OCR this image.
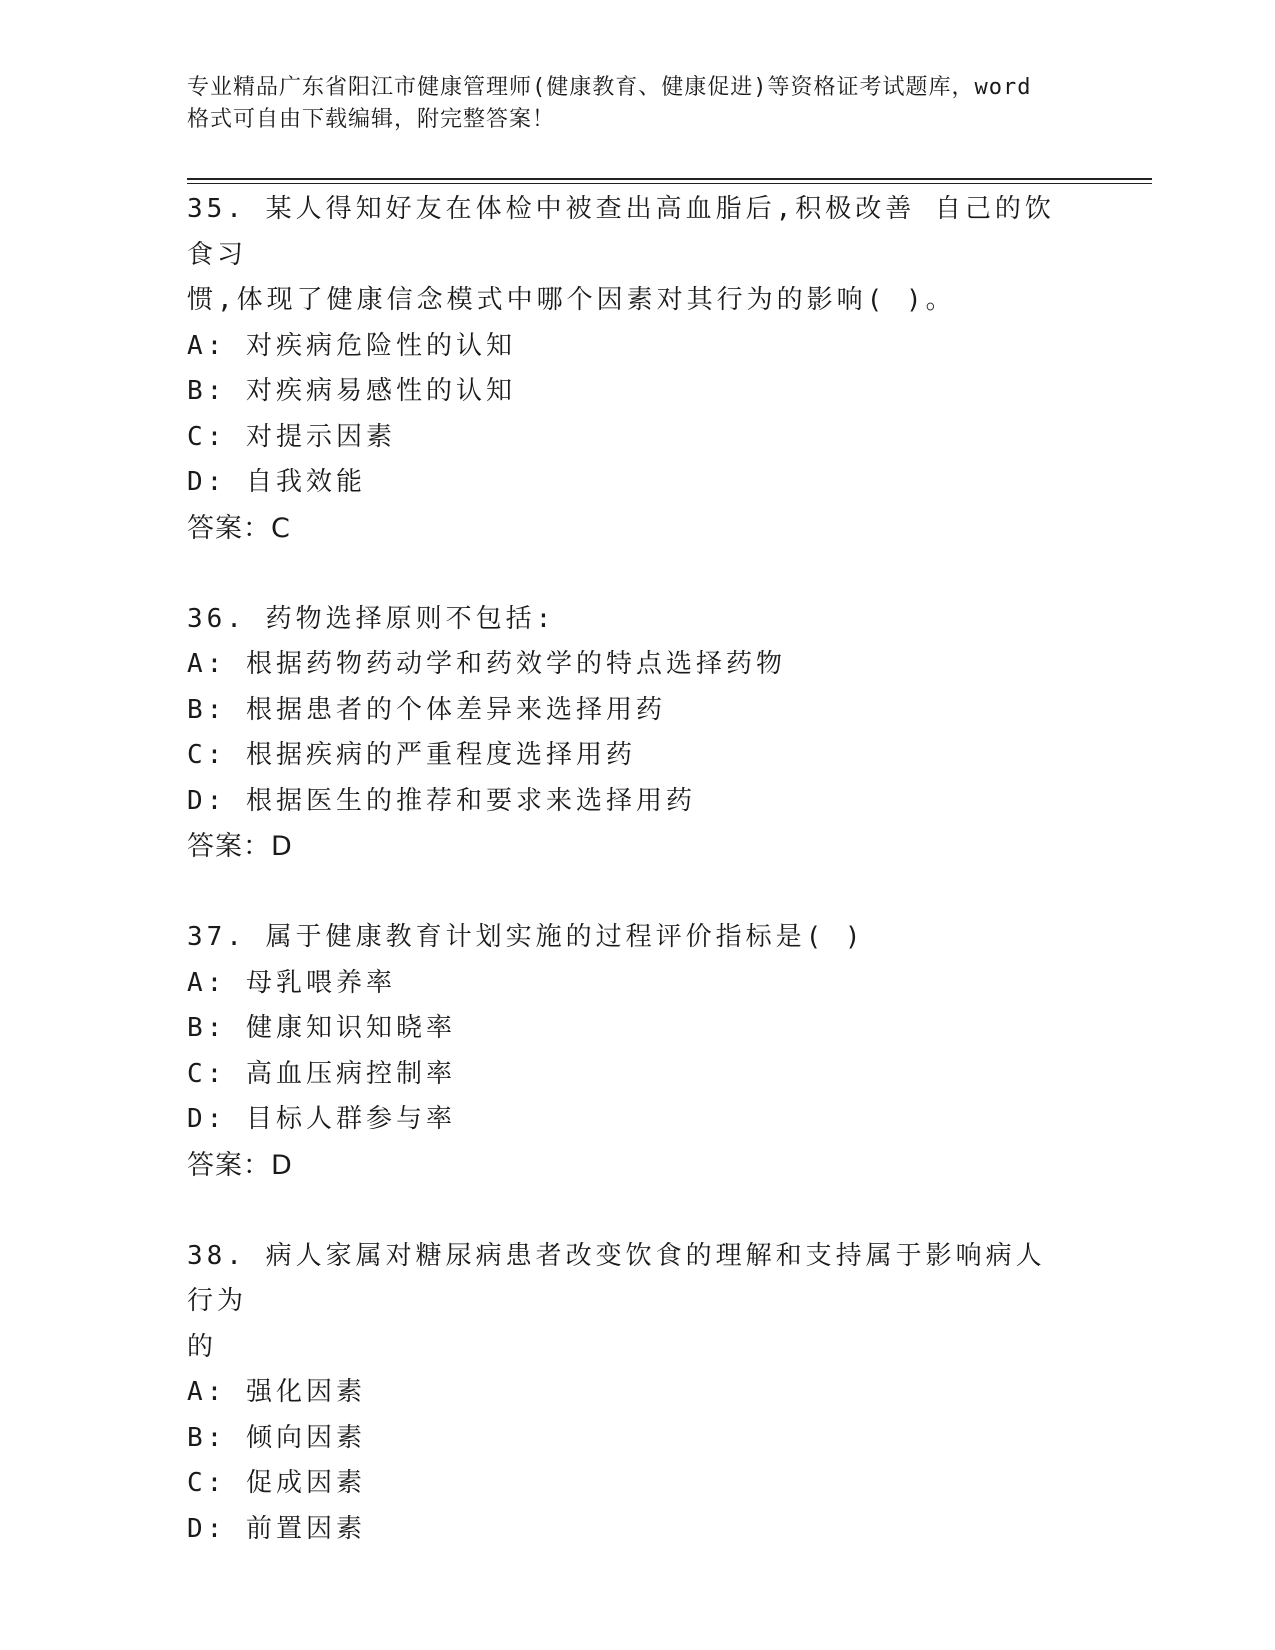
专业精品广东省阳江市健康管理师(健康教育、健康促进)等资格证考试题库，word
格式可自由下载编辑，附完整答案！
35. 某人得知好友在体检中被查出高血脂后,积极改善 自己的饮食习
惯,体现了健康信念模式中哪个因素对其行为的影响( )。
A: 对疾病危险性的认知
B: 对疾病易感性的认知
C: 对提示因素
D: 自我效能
答案：C
36. 药物选择原则不包括:
A: 根据药物药动学和药效学的特点选择药物
B: 根据患者的个体差异来选择用药
C: 根据疾病的严重程度选择用药
D: 根据医生的推荐和要求来选择用药
答案：D
37. 属于健康教育计划实施的过程评价指标是( )
A: 母乳喂养率
B: 健康知识知晓率
C: 高血压病控制率
D: 目标人群参与率
答案：D
38. 病人家属对糖尿病患者改变饮食的理解和支持属于影响病人行为
的
A: 强化因素
B: 倾向因素
C: 促成因素
D: 前置因素
